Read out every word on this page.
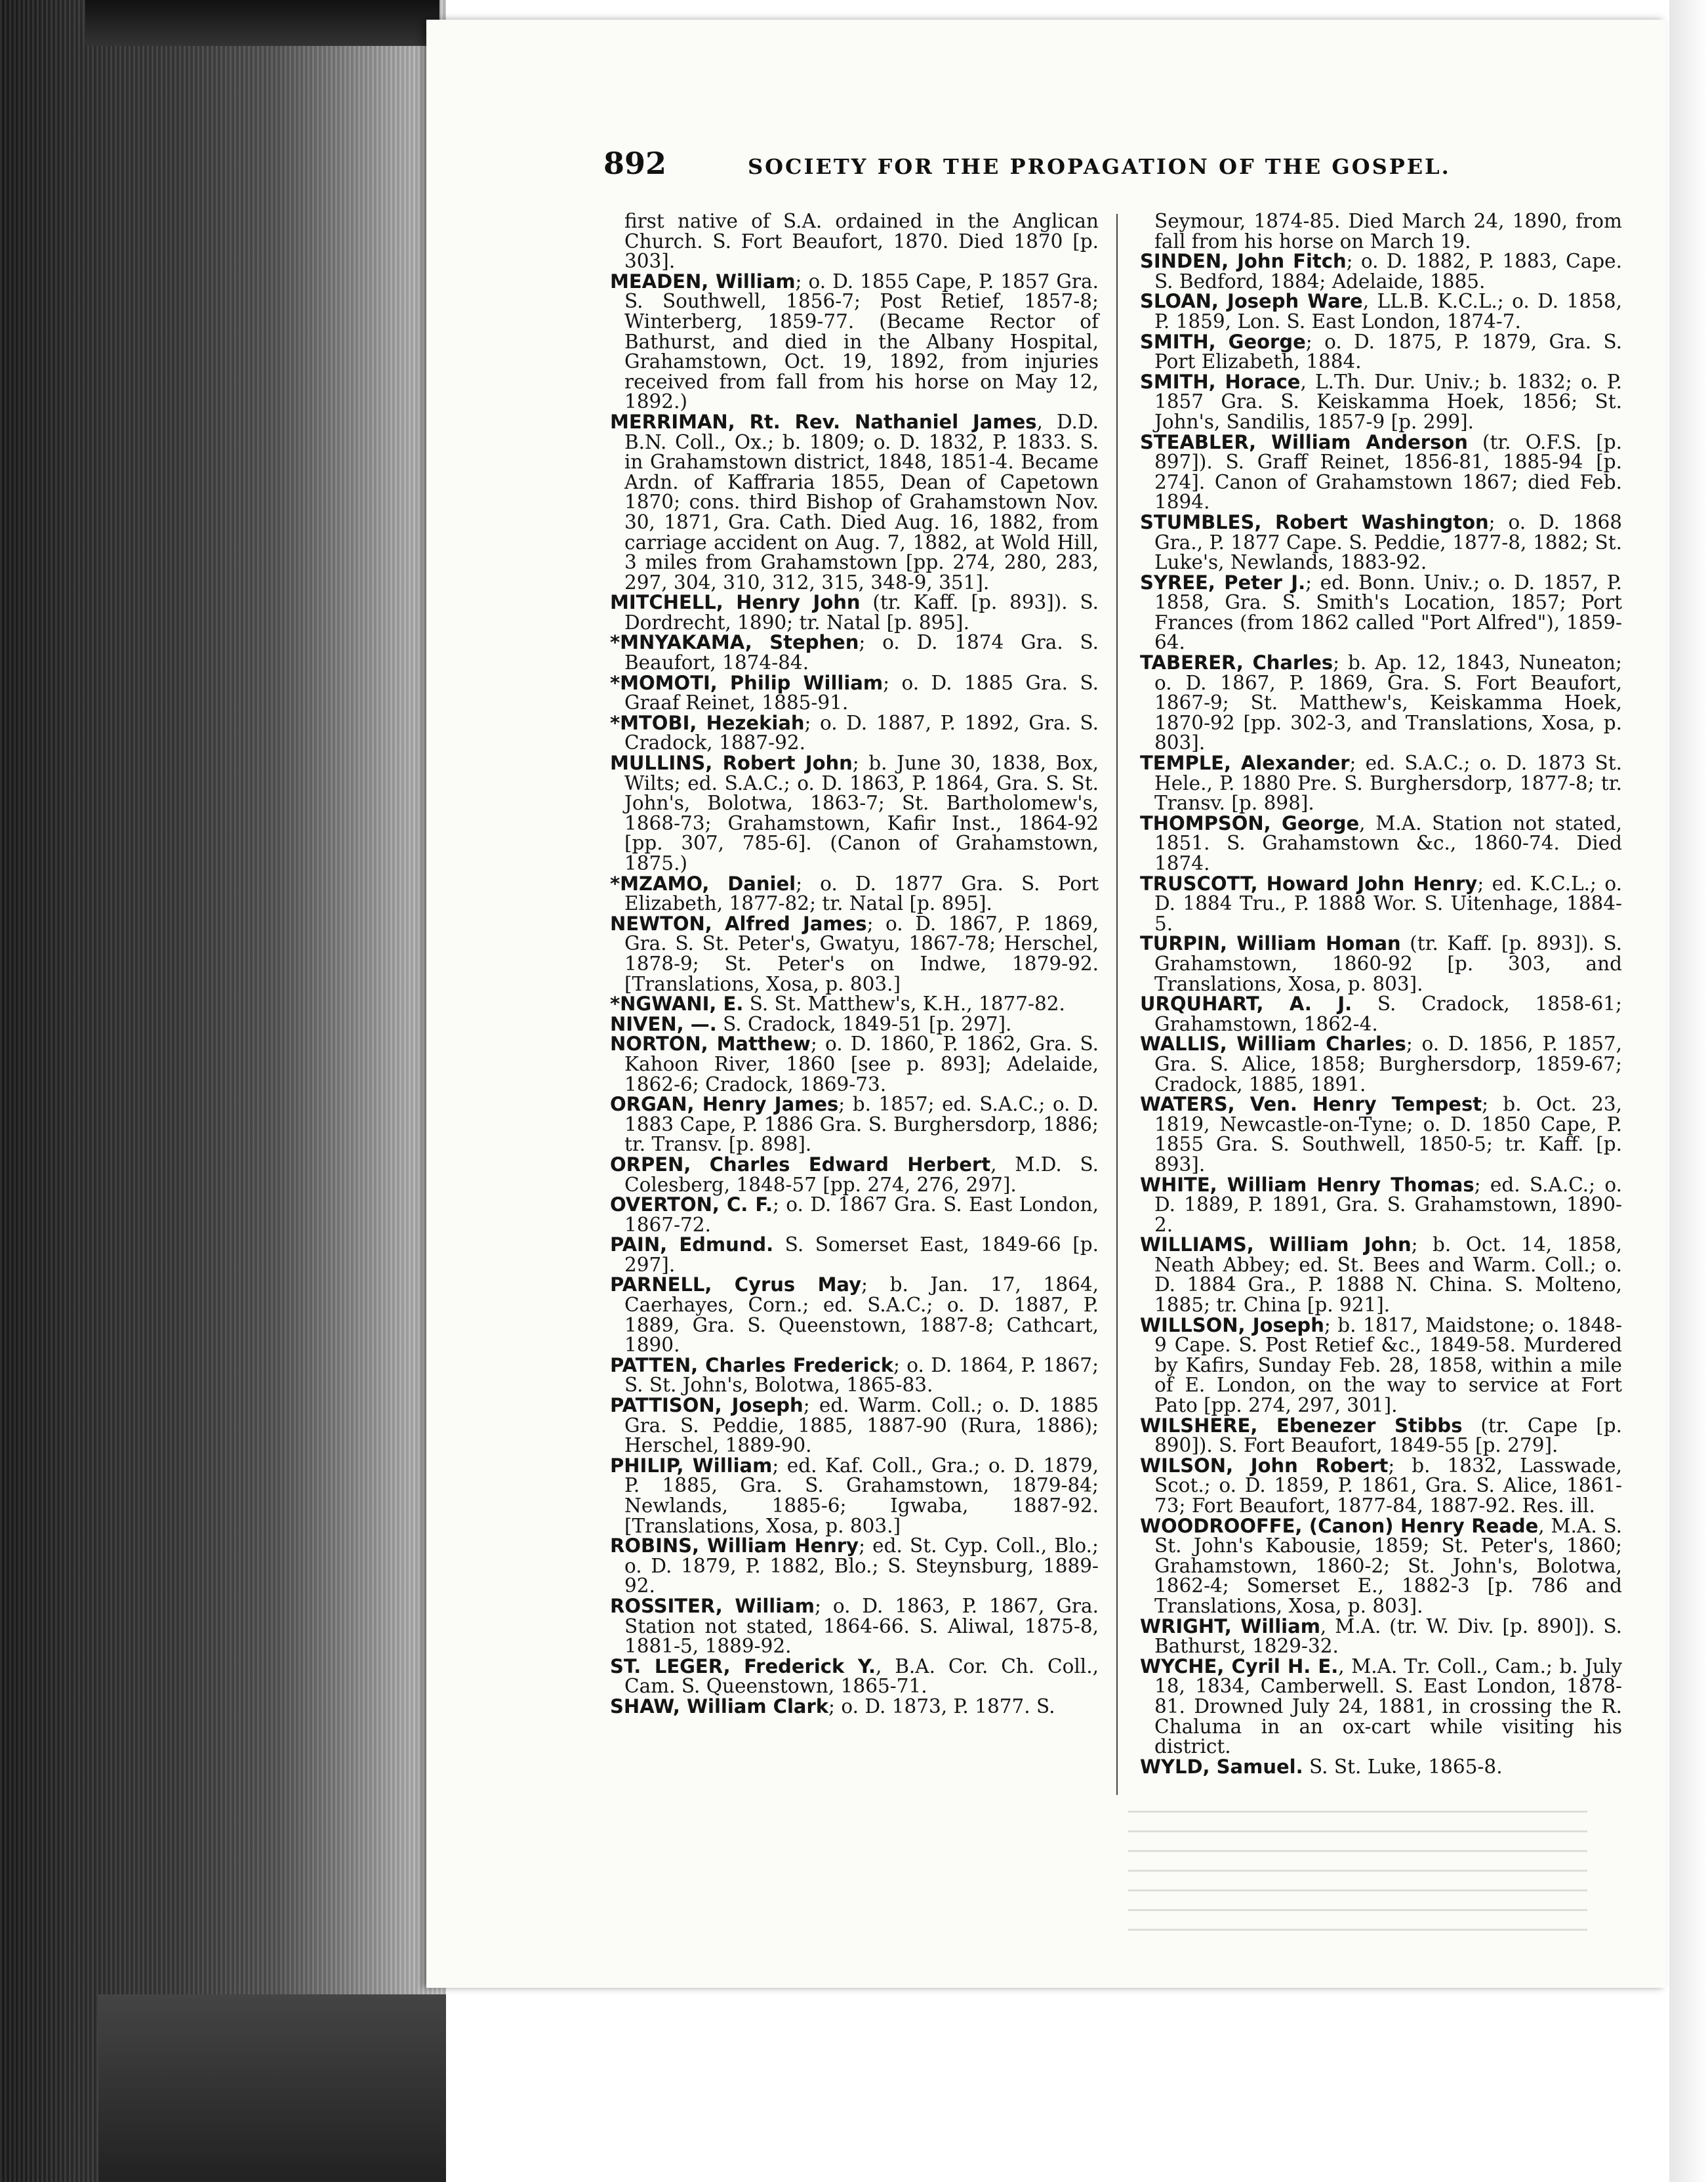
892	SOCIETY FOR THE PROPAGATION OF THE GOSPEL.

first native of S.A. ordained in the Anglican Church. S. Fort Beaufort, 1870. Died 1870 [p. 303].

MEADEN, William; o. D. 1855 Cape, P. 1857 Gra. S. Southwell, 1856-7; Post Retief, 1857-8; Winterberg, 1859-77. (Became Rector of Bathurst, and died in the Albany Hospital, Grahamstown, Oct. 19, 1892, from injuries received from fall from his horse on May 12, 1892.)

MERRIMAN, Rt. Rev. Nathaniel James, D.D. B.N. Coll., Ox.; b. 1809; o. D. 1832, P. 1833. S. in Grahamstown district, 1848, 1851-4. Became Ardn. of Kaffraria 1855, Dean of Capetown 1870; cons. third Bishop of Grahamstown Nov. 30, 1871, Gra. Cath. Died Aug. 16, 1882, from carriage accident on Aug. 7, 1882, at Wold Hill, 3 miles from Grahamstown [pp. 274, 280, 283, 297, 304, 310, 312, 315, 348-9, 351].

MITCHELL, Henry John (tr. Kaff. [p. 893]). S. Dordrecht, 1890; tr. Natal [p. 895].

*MNYAKAMA, Stephen; o. D. 1874 Gra. S. Beaufort, 1874-84.

*MOMOTI, Philip William; o. D. 1885 Gra. S. Graaf Reinet, 1885-91.

*MTOBI, Hezekiah; o. D. 1887, P. 1892, Gra. S. Cradock, 1887-92.

MULLINS, Robert John; b. June 30, 1838, Box, Wilts; ed. S.A.C.; o. D. 1863, P. 1864, Gra. S. St. John's, Bolotwa, 1863-7; St. Bartholomew's, 1868-73; Grahamstown, Kafir Inst., 1864-92 [pp. 307, 785-6]. (Canon of Grahamstown, 1875.)

*MZAMO, Daniel; o. D. 1877 Gra. S. Port Elizabeth, 1877-82; tr. Natal [p. 895].

NEWTON, Alfred James; o. D. 1867, P. 1869, Gra. S. St. Peter's, Gwatyu, 1867-78; Herschel, 1878-9; St. Peter's on Indwe, 1879-92. [Translations, Xosa, p. 803.]

*NGWANI, E. S. St. Matthew's, K.H., 1877-82.

NIVEN, —. S. Cradock, 1849-51 [p. 297].

NORTON, Matthew; o. D. 1860, P. 1862, Gra. S. Kahoon River, 1860 [see p. 893]; Adelaide, 1862-6; Cradock, 1869-73.

ORGAN, Henry James; b. 1857; ed. S.A.C.; o. D. 1883 Cape, P. 1886 Gra. S. Burghersdorp, 1886; tr. Transv. [p. 898].

ORPEN, Charles Edward Herbert, M.D. S. Colesberg, 1848-57 [pp. 274, 276, 297].

OVERTON, C. F.; o. D. 1867 Gra. S. East London, 1867-72.

PAIN, Edmund. S. Somerset East, 1849-66 [p. 297].

PARNELL, Cyrus May; b. Jan. 17, 1864, Caerhayes, Corn.; ed. S.A.C.; o. D. 1887, P. 1889, Gra. S. Queenstown, 1887-8; Cathcart, 1890.

PATTEN, Charles Frederick; o. D. 1864, P. 1867; S. St. John's, Bolotwa, 1865-83.

PATTISON, Joseph; ed. Warm. Coll.; o. D. 1885 Gra. S. Peddie, 1885, 1887-90 (Rura, 1886); Herschel, 1889-90.

PHILIP, William; ed. Kaf. Coll., Gra.; o. D. 1879, P. 1885, Gra. S. Grahamstown, 1879-84; Newlands, 1885-6; Igwaba, 1887-92. [Translations, Xosa, p. 803.]

ROBINS, William Henry; ed. St. Cyp. Coll., Blo.; o. D. 1879, P. 1882, Blo.; S. Steynsburg, 1889-92.

ROSSITER, William; o. D. 1863, P. 1867, Gra. Station not stated, 1864-66. S. Aliwal, 1875-8, 1881-5, 1889-92.

ST. LEGER, Frederick Y., B.A. Cor. Ch. Coll., Cam. S. Queenstown, 1865-71.

SHAW, William Clark; o. D. 1873, P. 1877. S.

Seymour, 1874-85. Died March 24, 1890, from fall from his horse on March 19.

SINDEN, John Fitch; o. D. 1882, P. 1883, Cape. S. Bedford, 1884; Adelaide, 1885.

SLOAN, Joseph Ware, LL.B. K.C.L.; o. D. 1858, P. 1859, Lon. S. East London, 1874-7.

SMITH, George; o. D. 1875, P. 1879, Gra. S. Port Elizabeth, 1884.

SMITH, Horace, L.Th. Dur. Univ.; b. 1832; o. P. 1857 Gra. S. Keiskamma Hoek, 1856; St. John's, Sandilis, 1857-9 [p. 299].

STEABLER, William Anderson (tr. O.F.S. [p. 897]). S. Graff Reinet, 1856-81, 1885-94 [p. 274]. Canon of Grahamstown 1867; died Feb. 1894.

STUMBLES, Robert Washington; o. D. 1868 Gra., P. 1877 Cape. S. Peddie, 1877-8, 1882; St. Luke's, Newlands, 1883-92.

SYREE, Peter J.; ed. Bonn. Univ.; o. D. 1857, P. 1858, Gra. S. Smith's Location, 1857; Port Frances (from 1862 called "Port Alfred"), 1859-64.

TABERER, Charles; b. Ap. 12, 1843, Nuneaton; o. D. 1867, P. 1869, Gra. S. Fort Beaufort, 1867-9; St. Matthew's, Keiskamma Hoek, 1870-92 [pp. 302-3, and Translations, Xosa, p. 803].

TEMPLE, Alexander; ed. S.A.C.; o. D. 1873 St. Hele., P. 1880 Pre. S. Burghersdorp, 1877-8; tr. Transv. [p. 898].

THOMPSON, George, M.A. Station not stated, 1851. S. Grahamstown &c., 1860-74. Died 1874.

TRUSCOTT, Howard John Henry; ed. K.C.L.; o. D. 1884 Tru., P. 1888 Wor. S. Uitenhage, 1884-5.

TURPIN, William Homan (tr. Kaff. [p. 893]). S. Grahamstown, 1860-92 [p. 303, and Translations, Xosa, p. 803].

URQUHART, A. J. S. Cradock, 1858-61; Grahamstown, 1862-4.

WALLIS, William Charles; o. D. 1856, P. 1857, Gra. S. Alice, 1858; Burghersdorp, 1859-67; Cradock, 1885, 1891.

WATERS, Ven. Henry Tempest; b. Oct. 23, 1819, Newcastle-on-Tyne; o. D. 1850 Cape, P. 1855 Gra. S. Southwell, 1850-5; tr. Kaff. [p. 893].

WHITE, William Henry Thomas; ed. S.A.C.; o. D. 1889, P. 1891, Gra. S. Grahamstown, 1890-2.

WILLIAMS, William John; b. Oct. 14, 1858, Neath Abbey; ed. St. Bees and Warm. Coll.; o. D. 1884 Gra., P. 1888 N. China. S. Molteno, 1885; tr. China [p. 921].

WILLSON, Joseph; b. 1817, Maidstone; o. 1848-9 Cape. S. Post Retief &c., 1849-58. Murdered by Kafirs, Sunday Feb. 28, 1858, within a mile of E. London, on the way to service at Fort Pato [pp. 274, 297, 301].

WILSHERE, Ebenezer Stibbs (tr. Cape [p. 890]). S. Fort Beaufort, 1849-55 [p. 279].

WILSON, John Robert; b. 1832, Lasswade, Scot.; o. D. 1859, P. 1861, Gra. S. Alice, 1861-73; Fort Beaufort, 1877-84, 1887-92. Res. ill.

WOODROOFFE, (Canon) Henry Reade, M.A. S. St. John's Kabousie, 1859; St. Peter's, 1860; Grahamstown, 1860-2; St. John's, Bolotwa, 1862-4; Somerset E., 1882-3 [p. 786 and Translations, Xosa, p. 803].

WRIGHT, William, M.A. (tr. W. Div. [p. 890]). S. Bathurst, 1829-32.

WYCHE, Cyril H. E., M.A. Tr. Coll., Cam.; b. July 18, 1834, Camberwell. S. East London, 1878-81. Drowned July 24, 1881, in crossing the R. Chaluma in an ox-cart while visiting his district.

WYLD, Samuel. S. St. Luke, 1865-8.
